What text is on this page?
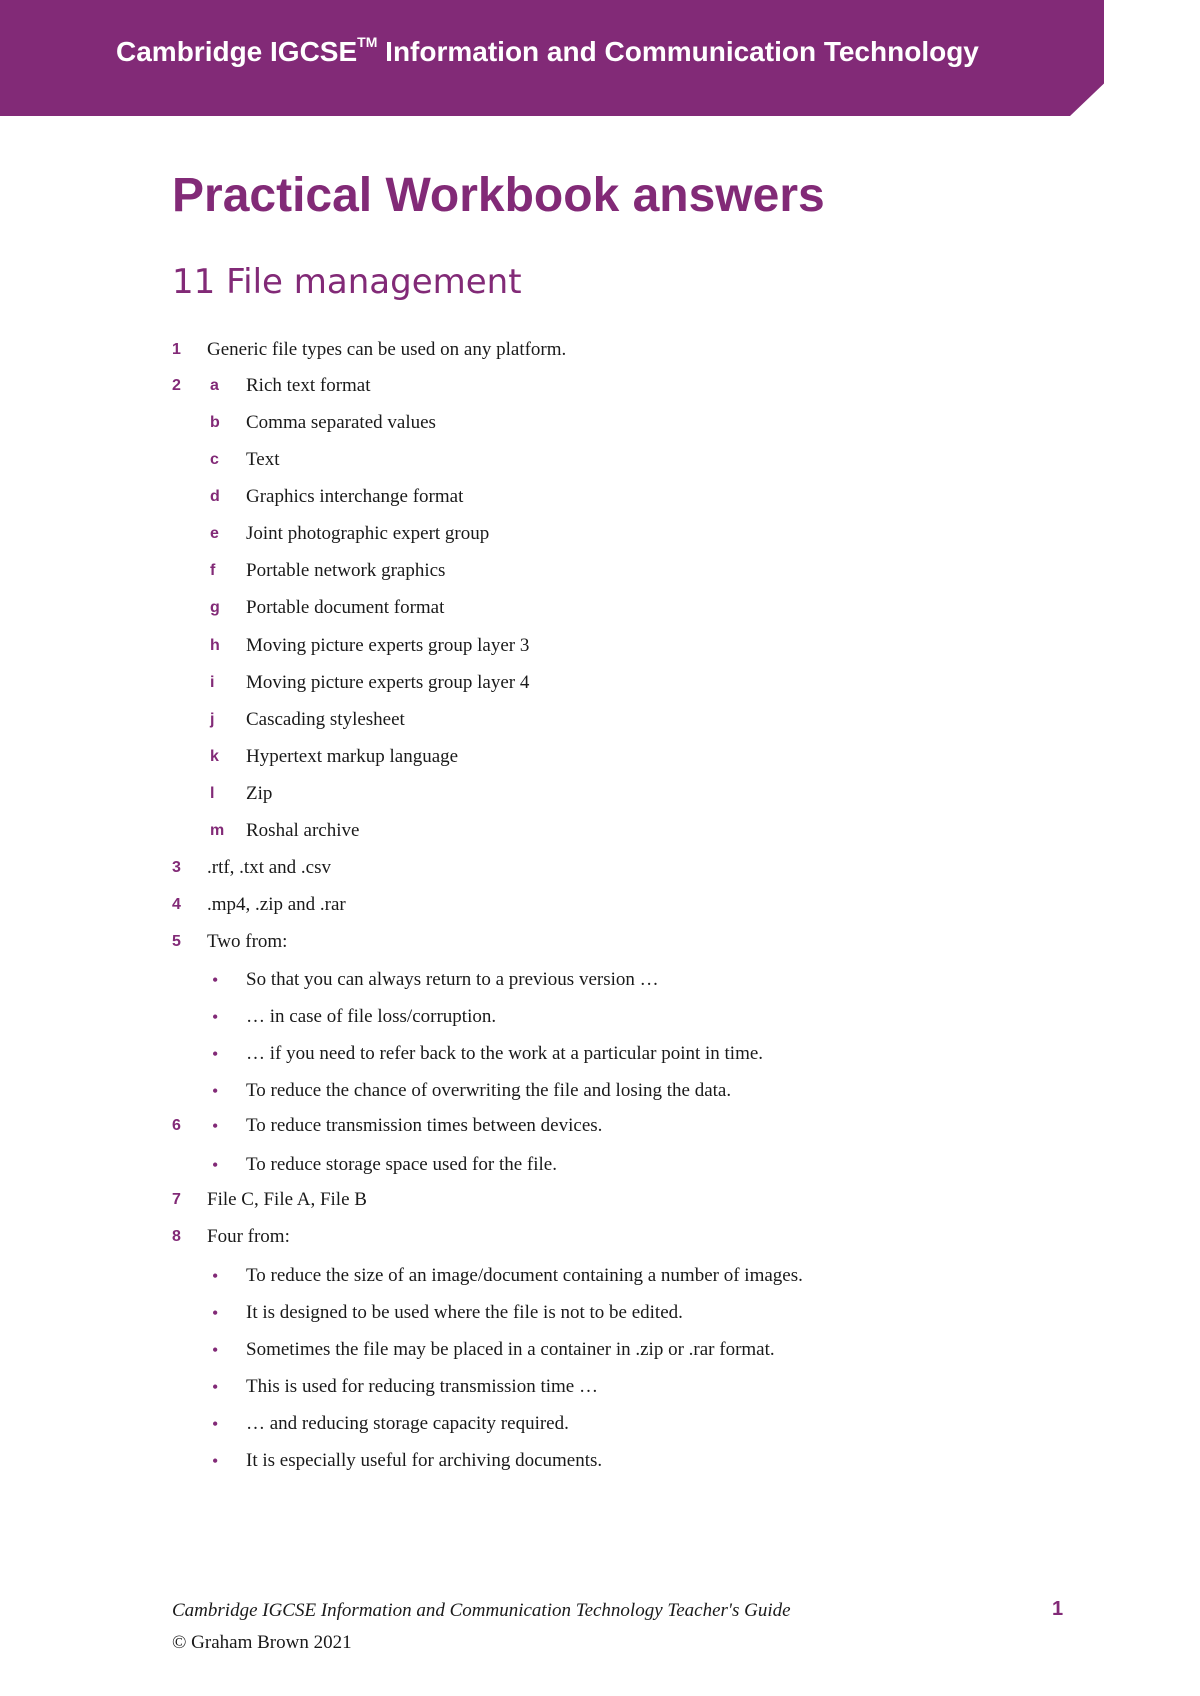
Cambridge IGCSE™ Information and Communication Technology
Practical Workbook answers
11 File management
1 Generic file types can be used on any platform.
2 a Rich text format
b Comma separated values
c Text
d Graphics interchange format
e Joint photographic expert group
f Portable network graphics
g Portable document format
h Moving picture experts group layer 3
i Moving picture experts group layer 4
j Cascading stylesheet
k Hypertext markup language
l Zip
m Roshal archive
3 .rtf, .txt and .csv
4 .mp4, .zip and .rar
5 Two from:
• So that you can always return to a previous version …
• … in case of file loss/corruption.
• … if you need to refer back to the work at a particular point in time.
• To reduce the chance of overwriting the file and losing the data.
6 • To reduce transmission times between devices.
• To reduce storage space used for the file.
7 File C, File A, File B
8 Four from:
• To reduce the size of an image/document containing a number of images.
• It is designed to be used where the file is not to be edited.
• Sometimes the file may be placed in a container in .zip or .rar format.
• This is used for reducing transmission time …
• … and reducing storage capacity required.
• It is especially useful for archiving documents.
Cambridge IGCSE Information and Communication Technology Teacher's Guide
© Graham Brown 2021
1
